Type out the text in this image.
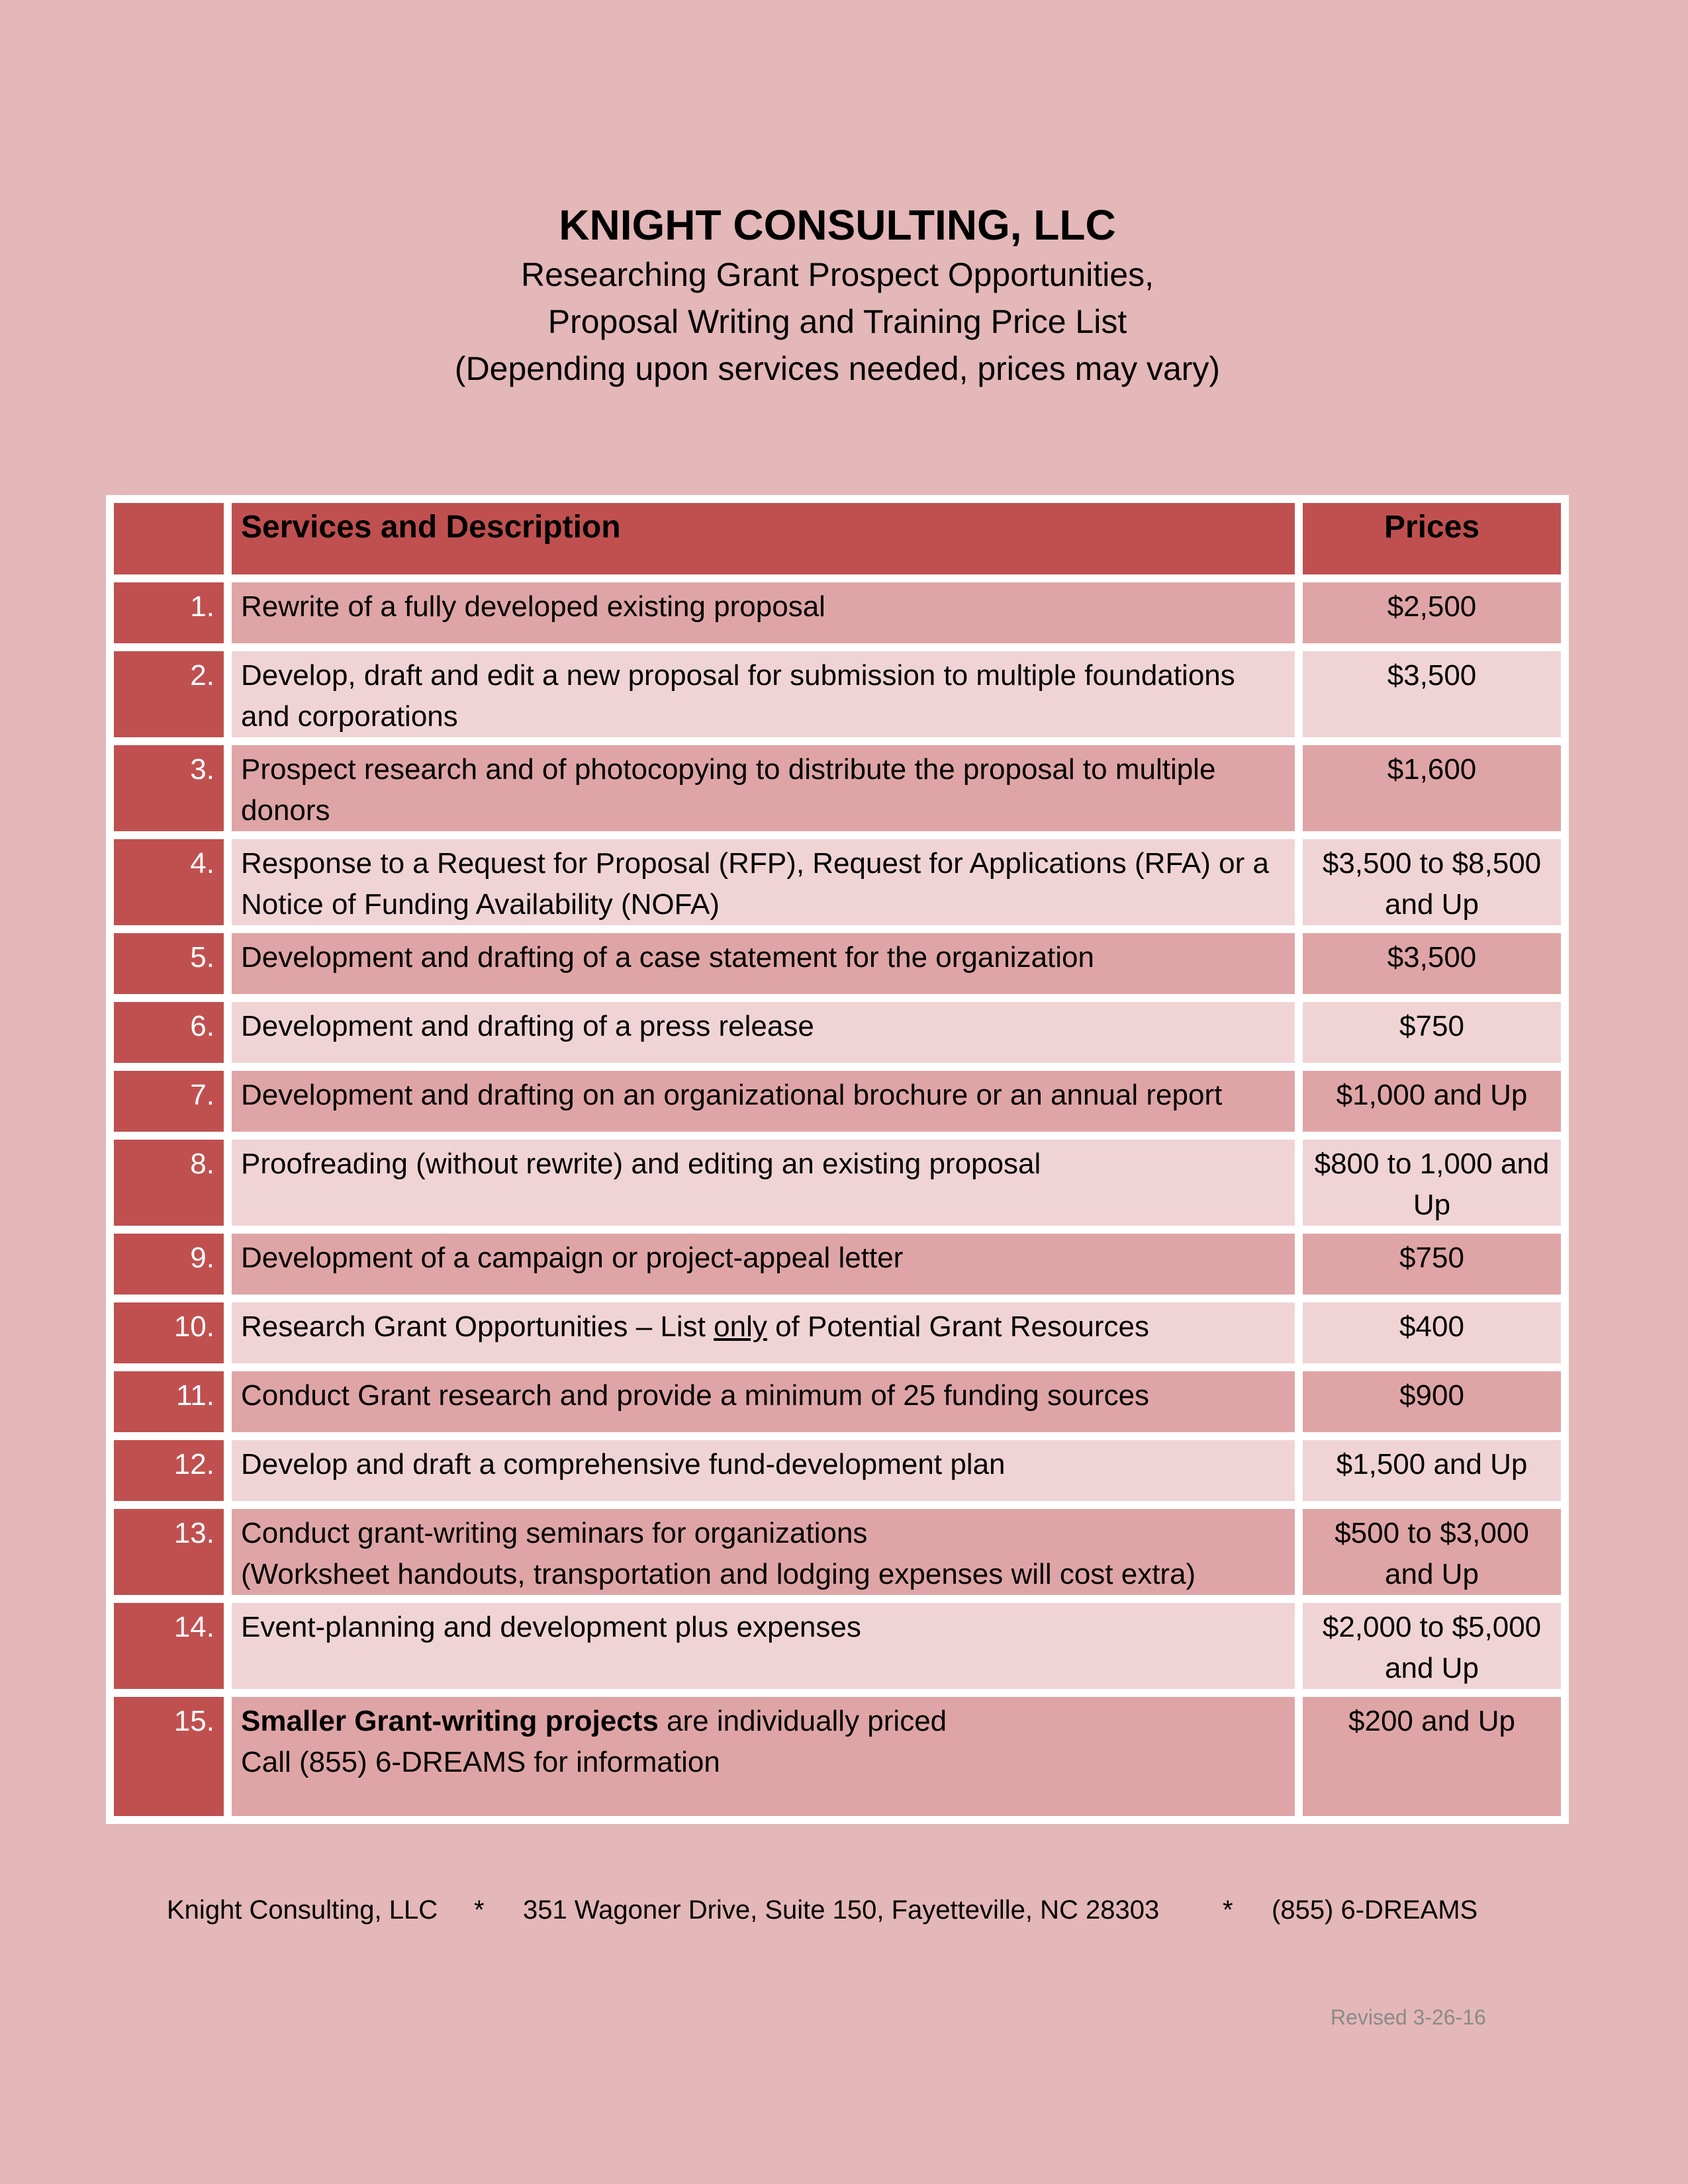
KNIGHT CONSULTING, LLC
Researching Grant Prospect Opportunities,
Proposal Writing and Training Price List
(Depending upon services needed, prices may vary)
	Services and Description	Prices
1.	Rewrite of a fully developed existing proposal	$2,500
2.	Develop, draft and edit a new proposal for submission to multiple foundations and corporations	$3,500
3.	Prospect research and of photocopying to distribute the proposal to multiple donors	$1,600
4.	Response to a Request for Proposal (RFP), Request for Applications (RFA) or a Notice of Funding Availability (NOFA)	$3,500 to $8,500 and Up
5.	Development and drafting of a case statement for the organization	$3,500
6.	Development and drafting of a press release	$750
7.	Development and drafting on an organizational brochure or an annual report	$1,000 and Up
8.	Proofreading (without rewrite) and editing an existing proposal	$800 to 1,000 and Up
9.	Development of a campaign or project-appeal letter	$750
10.	Research Grant Opportunities – List only of Potential Grant Resources	$400
11.	Conduct Grant research and provide a minimum of 25 funding sources	$900
12.	Develop and draft a comprehensive fund-development plan	$1,500 and Up
13.	Conduct grant-writing seminars for organizations
(Worksheet handouts, transportation and lodging expenses will cost extra)	$500 to $3,000 and Up
14.	Event-planning and development plus expenses	$2,000 to $5,000 and Up
15.	Smaller Grant-writing projects are individually priced
Call (855) 6-DREAMS for information	$200 and Up
Knight Consulting, LLC * 351 Wagoner Drive, Suite 150, Fayetteville, NC 28303 * (855) 6-DREAMS
Revised 3-26-16
